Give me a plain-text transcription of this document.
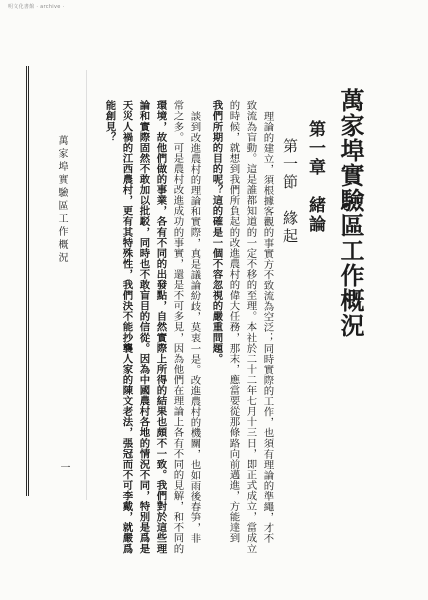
明文化書館 · archive ·
萬家埠實驗區工作概況
第一章　緒論
第一節　緣起
理論的建立，須根據客觀的事實方不致流為空泛；同時實際的工作，也須有理論的準繩，才不
致流為盲動。這是誰都知道的一定不移的至理。本社於二十二年七月十三日，即正式成立，當成立
的時候，就想到我們所負起的改進農村的偉大任務，那末，應當要從那條路向前邁進，方能達到
我們所期的目的呢？這的確是一個不容忽視的嚴重問題。
談到改進農村的理論和實際，真是議論紛歧，莫衷一是。改進農村的機關，也如雨後春笋，非
常之多。可是農村改進成功的事實，還是不可多見，因為他們在理論上各有不同的見解，和不同的
環境，故他們做的事業，各有不同的出發點，自然實際上所得的結果也頗不一致。我們對於這些理
論和實際固然不敢加以批駁，同時也不敢盲目的信從。因為中國農村各地的情況不同，特別是爲是
天災人禍的江西農村，更有其特殊性，我們決不能抄襲人家的陳文老法，張冠而不可李戴，就嚴爲
能創見？
萬家埠實驗區工作概況
一
